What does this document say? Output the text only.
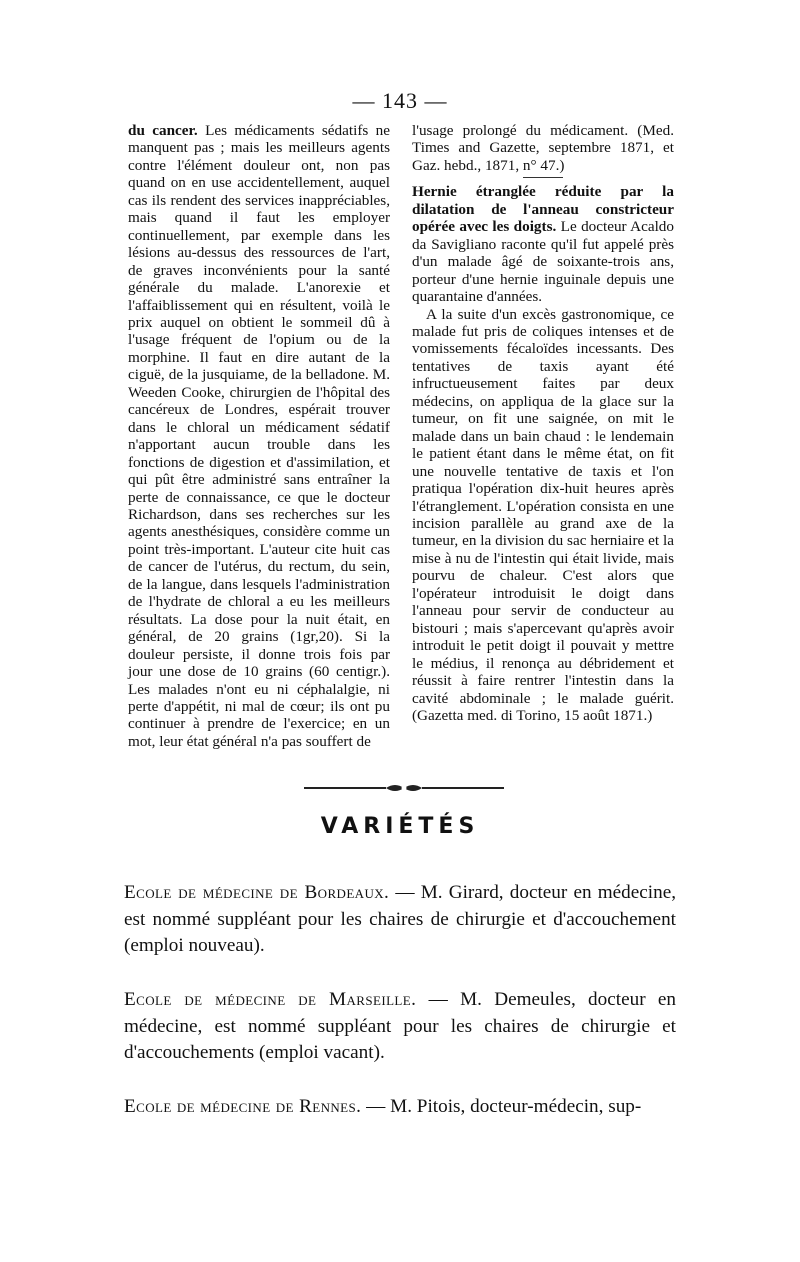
— 143 —

du cancer. Les médicaments sédatifs ne manquent pas ; mais les meilleurs agents contre l'élément douleur ont, non pas quand on en use accidentellement, auquel cas ils rendent des services inappréciables, mais quand il faut les employer continuellement, par exemple dans les lésions au-dessus des ressources de l'art, de graves inconvénients pour la santé générale du malade. L'anorexie et l'affaiblissement qui en résultent, voilà le prix auquel on obtient le sommeil dû à l'usage fréquent de l'opium ou de la morphine. Il faut en dire autant de la ciguë, de la jusquiame, de la belladone. M. Weeden Cooke, chirurgien de l'hôpital des cancéreux de Londres, espérait trouver dans le chloral un médicament sédatif n'apportant aucun trouble dans les fonctions de digestion et d'assimilation, et qui pût être administré sans entraîner la perte de connaissance, ce que le docteur Richardson, dans ses recherches sur les agents anesthésiques, considère comme un point très-important. L'auteur cite huit cas de cancer de l'utérus, du rectum, du sein, de la langue, dans lesquels l'administration de l'hydrate de chloral a eu les meilleurs résultats. La dose pour la nuit était, en général, de 20 grains (1gr,20). Si la douleur persiste, il donne trois fois par jour une dose de 10 grains (60 centigr.). Les malades n'ont eu ni céphalalgie, ni perte d'appétit, ni mal de cœur; ils ont pu continuer à prendre de l'exercice; en un mot, leur état général n'a pas souffert de

l'usage prolongé du médicament. (Med. Times and Gazette, septembre 1871, et Gaz. hebd., 1871, n° 47.)

Hernie étranglée réduite par la dilatation de l'anneau constricteur opérée avec les doigts. Le docteur Acaldo da Savigliano raconte qu'il fut appelé près d'un malade âgé de soixante-trois ans, porteur d'une hernie inguinale depuis une quarantaine d'années.

A la suite d'un excès gastronomique, ce malade fut pris de coliques intenses et de vomissements fécaloïdes incessants. Des tentatives de taxis ayant été infructueusement faites par deux médecins, on appliqua de la glace sur la tumeur, on fit une saignée, on mit le malade dans un bain chaud : le lendemain le patient étant dans le même état, on fit une nouvelle tentative de taxis et l'on pratiqua l'opération dix-huit heures après l'étranglement. L'opération consista en une incision parallèle au grand axe de la tumeur, en la division du sac herniaire et la mise à nu de l'intestin qui était livide, mais pourvu de chaleur. C'est alors que l'opérateur introduisit le doigt dans l'anneau pour servir de conducteur au bistouri ; mais s'apercevant qu'après avoir introduit le petit doigt il pouvait y mettre le médius, il renonça au débridement et réussit à faire rentrer l'intestin dans la cavité abdominale ; le malade guérit. (Gazetta med. di Torino, 15 août 1871.)

VARIÉTÉS
Ecole de médecine de Bordeaux. — M. Girard, docteur en médecine, est nommé suppléant pour les chaires de chirurgie et d'accouchement (emploi nouveau).
Ecole de médecine de Marseille. — M. Demeules, docteur en médecine, est nommé suppléant pour les chaires de chirurgie et d'accouchements (emploi vacant).
Ecole de médecine de Rennes. — M. Pitois, docteur-médecin, sup-
